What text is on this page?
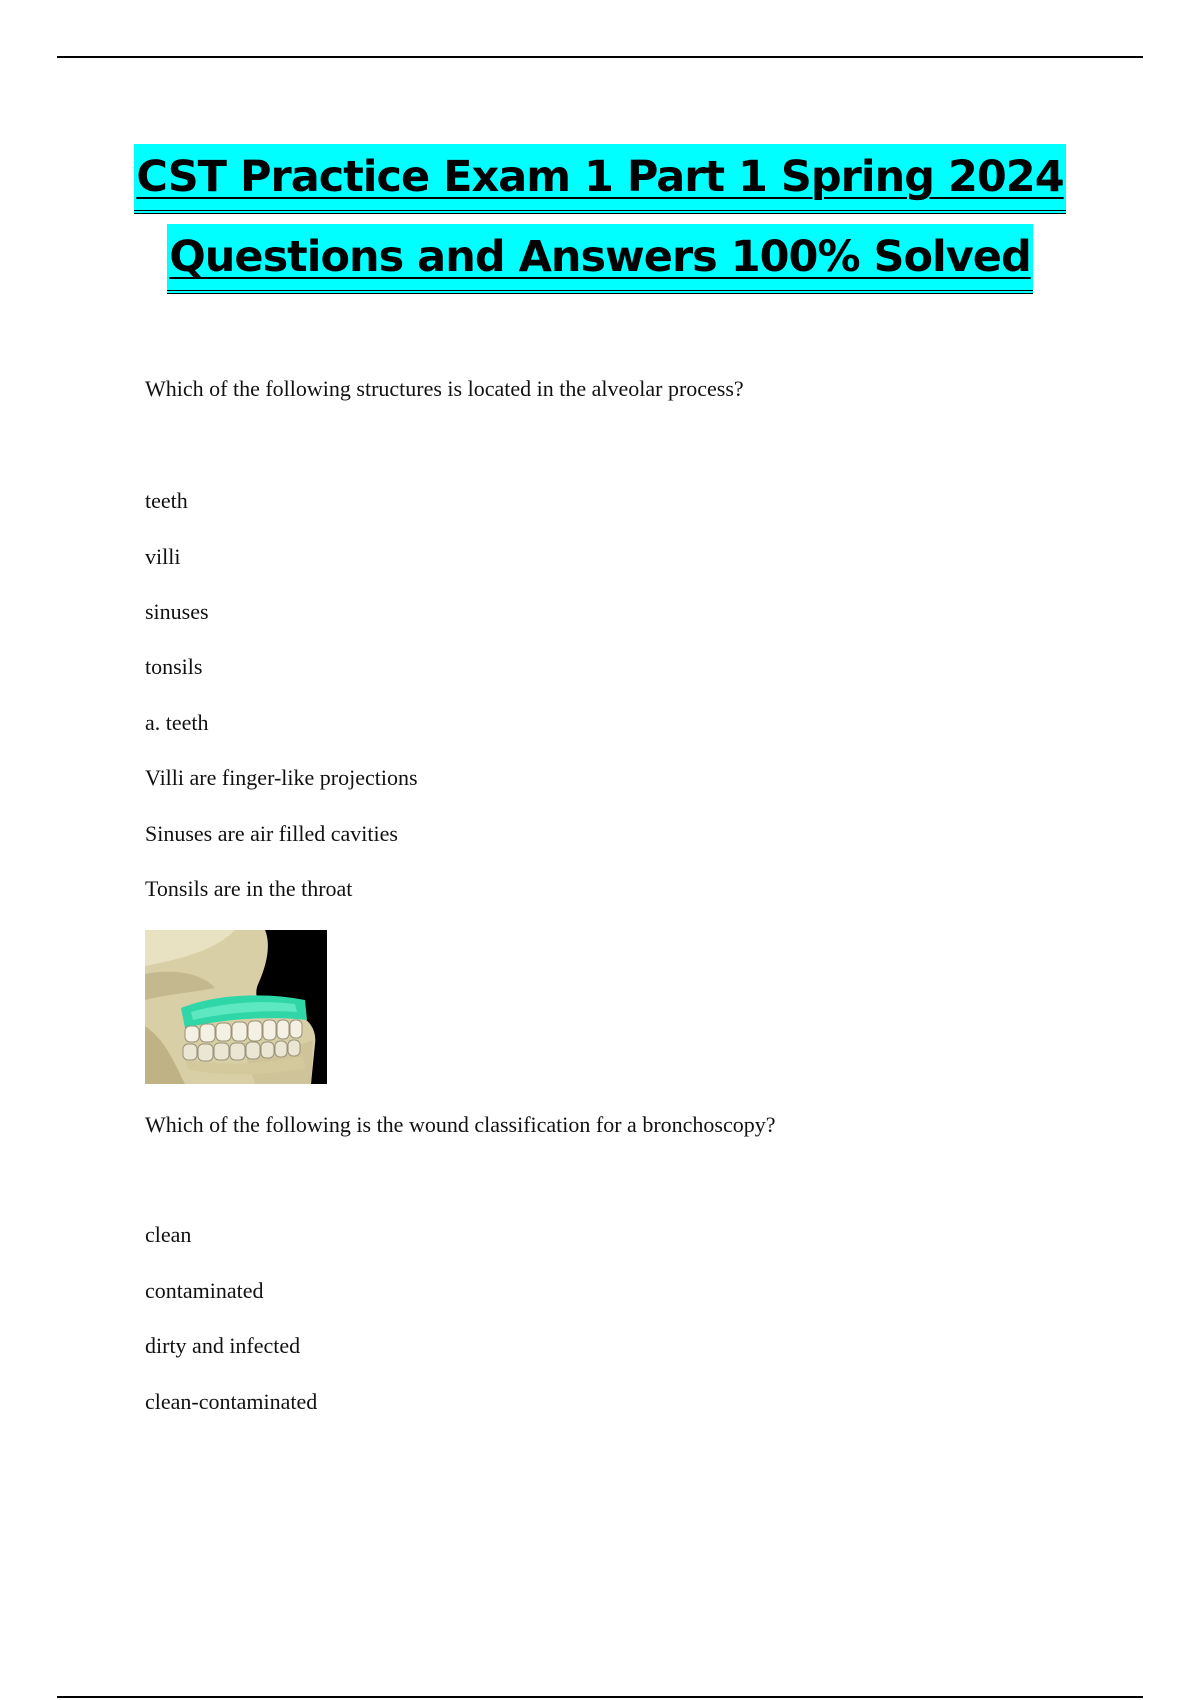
CST Practice Exam 1 Part 1 Spring 2024
Questions and Answers 100% Solved
Which of the following structures is located in the alveolar process?
teeth
villi
sinuses
tonsils
a. teeth
Villi are finger-like projections
Sinuses are air filled cavities
Tonsils are in the throat
Which of the following is the wound classification for a bronchoscopy?
clean
contaminated
dirty and infected
clean-contaminated
